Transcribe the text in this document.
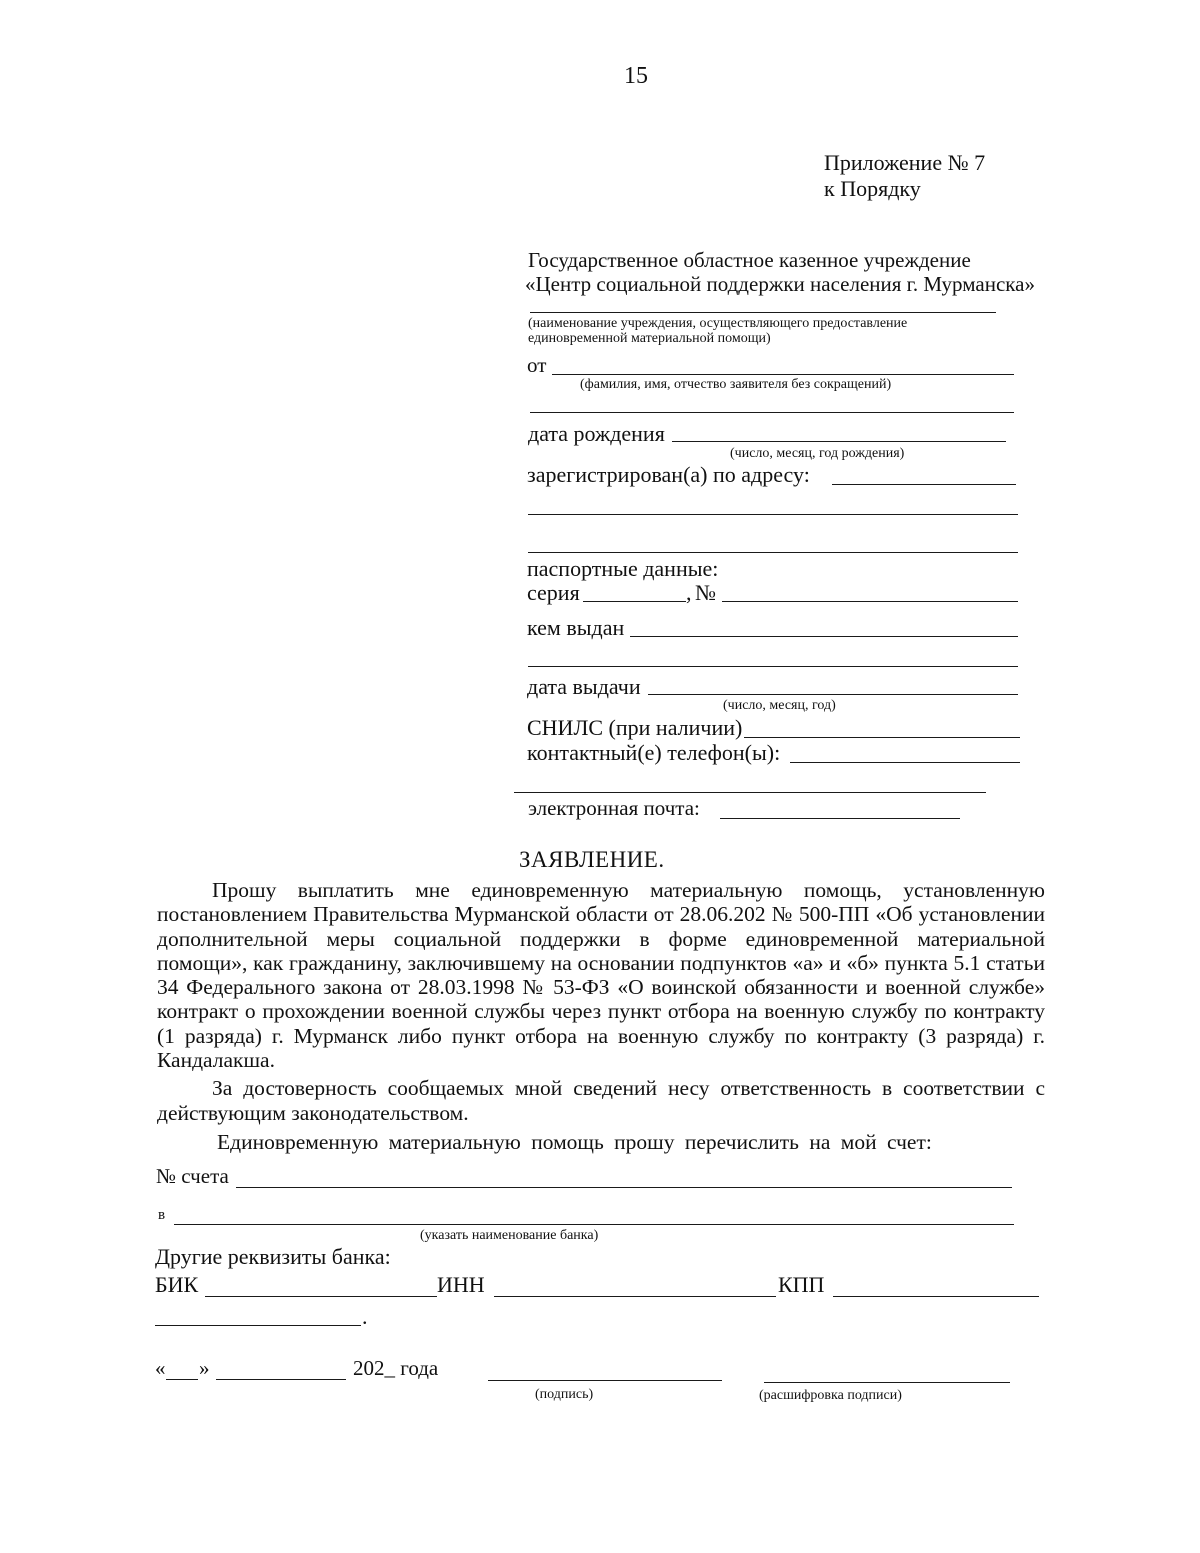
15
Приложение № 7
к Порядку
Государственное областное казенное учреждение
«Центр социальной поддержки населения г. Мурманска»
(наименование учреждения, осуществляющего предоставление
единовременной материальной помощи)
от
(фамилия, имя, отчество заявителя без сокращений)
дата рождения
(число, месяц, год рождения)
зарегистрирован(а) по адресу:
паспортные данные:
серия	, №
кем выдан
дата выдачи
(число, месяц, год)
СНИЛС (при наличии)
контактный(е) телефон(ы):
электронная почта:
ЗАЯВЛЕНИЕ.

Прошу выплатить мне единовременную материальную помощь, установленную постановлением Правительства Мурманской области от 28.06.202 № 500-ПП «Об установлении дополнительной меры социальной поддержки в форме единовременной материальной помощи», как гражданину, заключившему на основании подпунктов «а» и «б» пункта 5.1 статьи 34 Федерального закона от 28.03.1998 № 53-ФЗ «О воинской обязанности и военной службе» контракт о прохождении военной службы через пункт отбора на военную службу по контракту (1 разряда) г. Мурманск либо пункт отбора на военную службу по контракту (3 разряда) г. Кандалакша.

За достоверность сообщаемых мной сведений несу ответственность в соответствии с действующим законодательством.

Единовременную материальную помощь прошу перечислить на мой счет:

№ счета
в
(указать наименование банка)
Другие реквизиты банка:
БИК	ИНН	КПП
.
« »	202_ года
(подпись)	(расшифровка подписи)
